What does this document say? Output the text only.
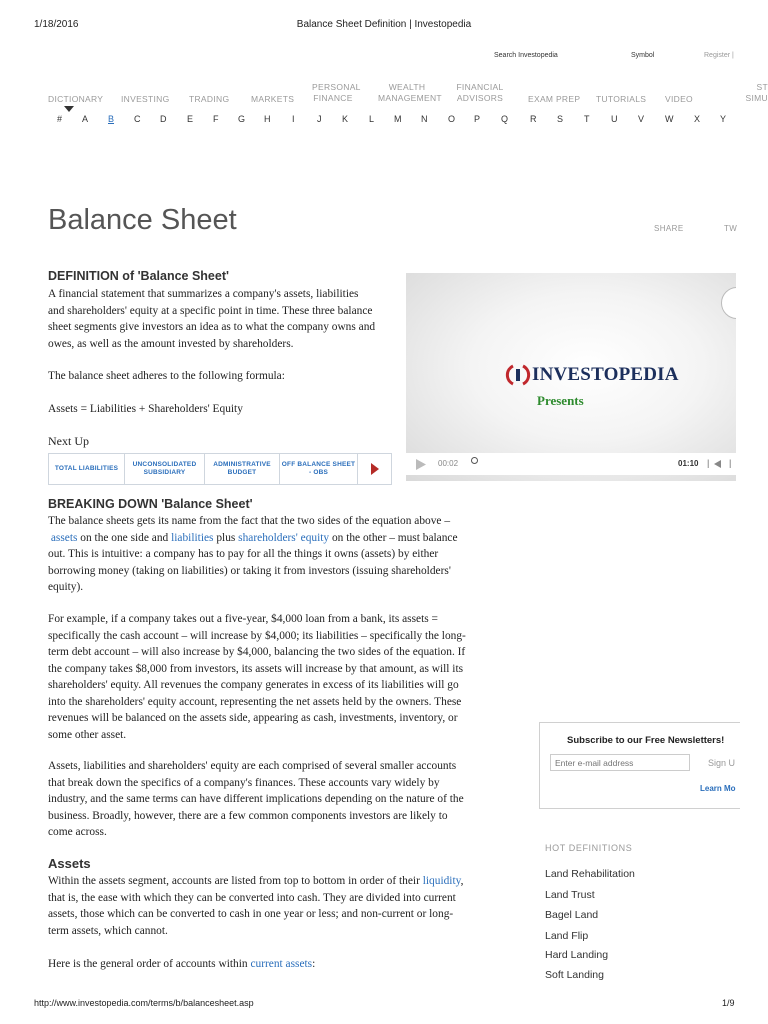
1/18/2016	Balance Sheet Definition | Investopedia
Search Investopedia	Symbol	Register |
DICTIONARY INVESTING TRADING	MARKETS
PERSONAL FINANCE
WEALTH MANAGEMENT
FINANCIAL ADVISORS	EXAM PREP TUTORIALS VIDEO
ST SIMU
# A B C D E F G H I J K L M N O P Q R S T U V W X Y
Balance Sheet	SHARE	TW
DEFINITION of 'Balance Sheet'
A financial statement that summarizes a company's assets, liabilities
and shareholders' equity at a specific point in time. These three balance
sheet segments give investors an idea as to what the company owns and
owes, as well as the amount invested by shareholders.
The balance sheet adheres to the following formula:
Assets = Liabilities + Shareholders' Equity
Next Up
TOTAL LIABILITIES
UNCONSOLIDATED SUBSIDIARY
ADMINISTRATIVE BUDGET
OFF BALANCE SHEET - OBS
INVESTOPEDIA
Presents
00:02	01:10 | |
BREAKING DOWN 'Balance Sheet'
The balance sheets gets its name from the fact that the two sides of the equation above –
assets on the one side and liabilities plus shareholders' equity on the other – must balance
out. This is intuitive: a company has to pay for all the things it owns (assets) by either
borrowing money (taking on liabilities) or taking it from investors (issuing shareholders'
equity).
For example, if a company takes out a five-year, $4,000 loan from a bank, its assets =
specifically the cash account – will increase by $4,000; its liabilities – specifically the long-
term debt account – will also increase by $4,000, balancing the two sides of the equation. If
the company takes $8,000 from investors, its assets will increase by that amount, as will its
shareholders' equity. All revenues the company generates in excess of its liabilities will go
into the shareholders' equity account, representing the net assets held by the owners. These
revenues will be balanced on the assets side, appearing as cash, investments, inventory, or
some other asset.
Assets, liabilities and shareholders' equity are each comprised of several smaller accounts
that break down the specifics of a company's finances. These accounts vary widely by
industry, and the same terms can have different implications depending on the nature of the
business. Broadly, however, there are a few common components investors are likely to
come across.
Assets
Within the assets segment, accounts are listed from top to bottom in order of their liquidity,
that is, the ease with which they can be converted into cash. They are divided into current
assets, those which can be converted to cash in one year or less; and non-current or long-
term assets, which cannot.
Here is the general order of accounts within current assets:
Subscribe to our Free Newsletters!
Enter e-mail address
Sign U
Learn Mo
HOT DEFINITIONS
Land Rehabilitation
Land Trust
Bagel Land
Land Flip
Hard Landing
Soft Landing
http://www.investopedia.com/terms/b/balancesheet.asp	1/9
